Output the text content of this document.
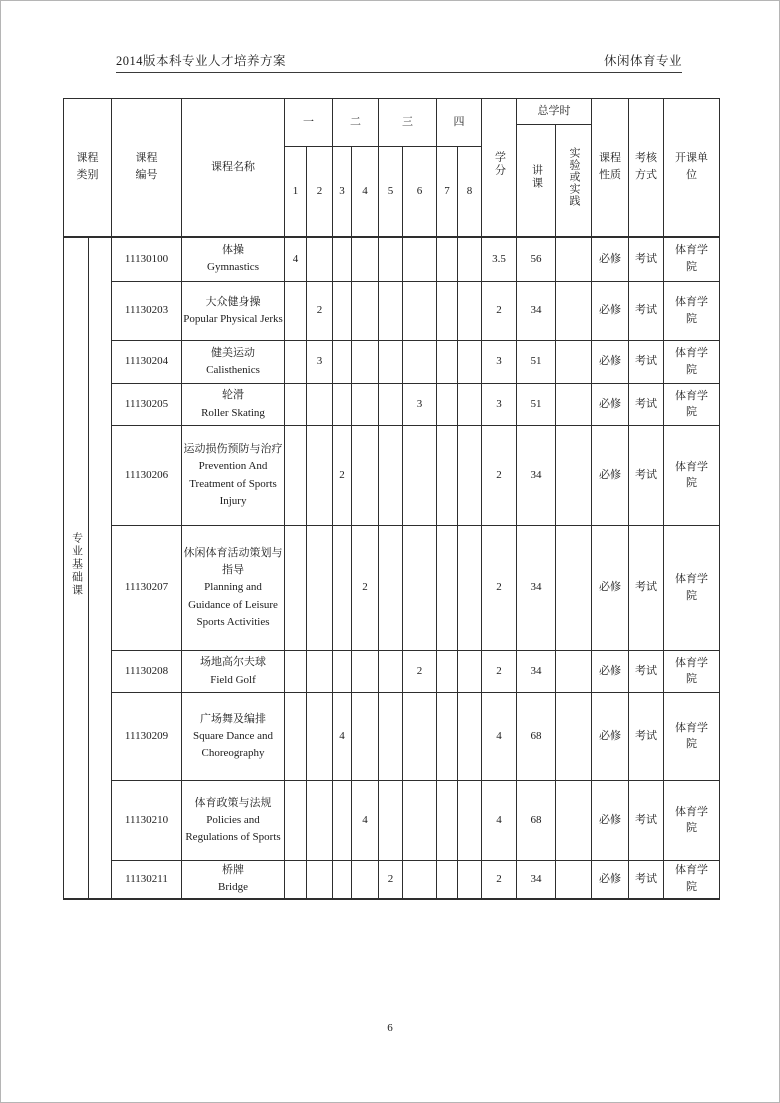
2014版本科专业人才培养方案	休闲体育专业
课程类别		课程编号	课程名称	一		二		三		四		学分	总学时		课程性质	考核方式	开课单位
													讲课	实验或实践			
				1	2	3	4	5	6	7	8						
专业基础课		11130100	体操
Gymnastics	4								3.5	56		必修	考试	体育学院
		11130203	大众健身操
Popular Physical Jerks		2							2	34		必修	考试	体育学院
		11130204	健美运动
Calisthenics		3							3	51		必修	考试	体育学院
		11130205	轮滑
Roller Skating						3			3	51		必修	考试	体育学院
		11130206	运动损伤预防与治疗
Prevention And Treatment of Sports Injury			2						2	34		必修	考试	体育学院
		11130207	休闲体育活动策划与指导
Planning and Guidance of Leisure Sports Activities				2					2	34		必修	考试	体育学院
		11130208	场地高尔夫球
Field Golf						2			2	34		必修	考试	体育学院
		11130209	广场舞及编排
Square Dance and Choreography			4						4	68		必修	考试	体育学院
		11130210	体育政策与法规
Policies and Regulations of Sports				4					4	68		必修	考试	体育学院
		11130211	桥牌
Bridge					2				2	34		必修	考试	体育学院
6
